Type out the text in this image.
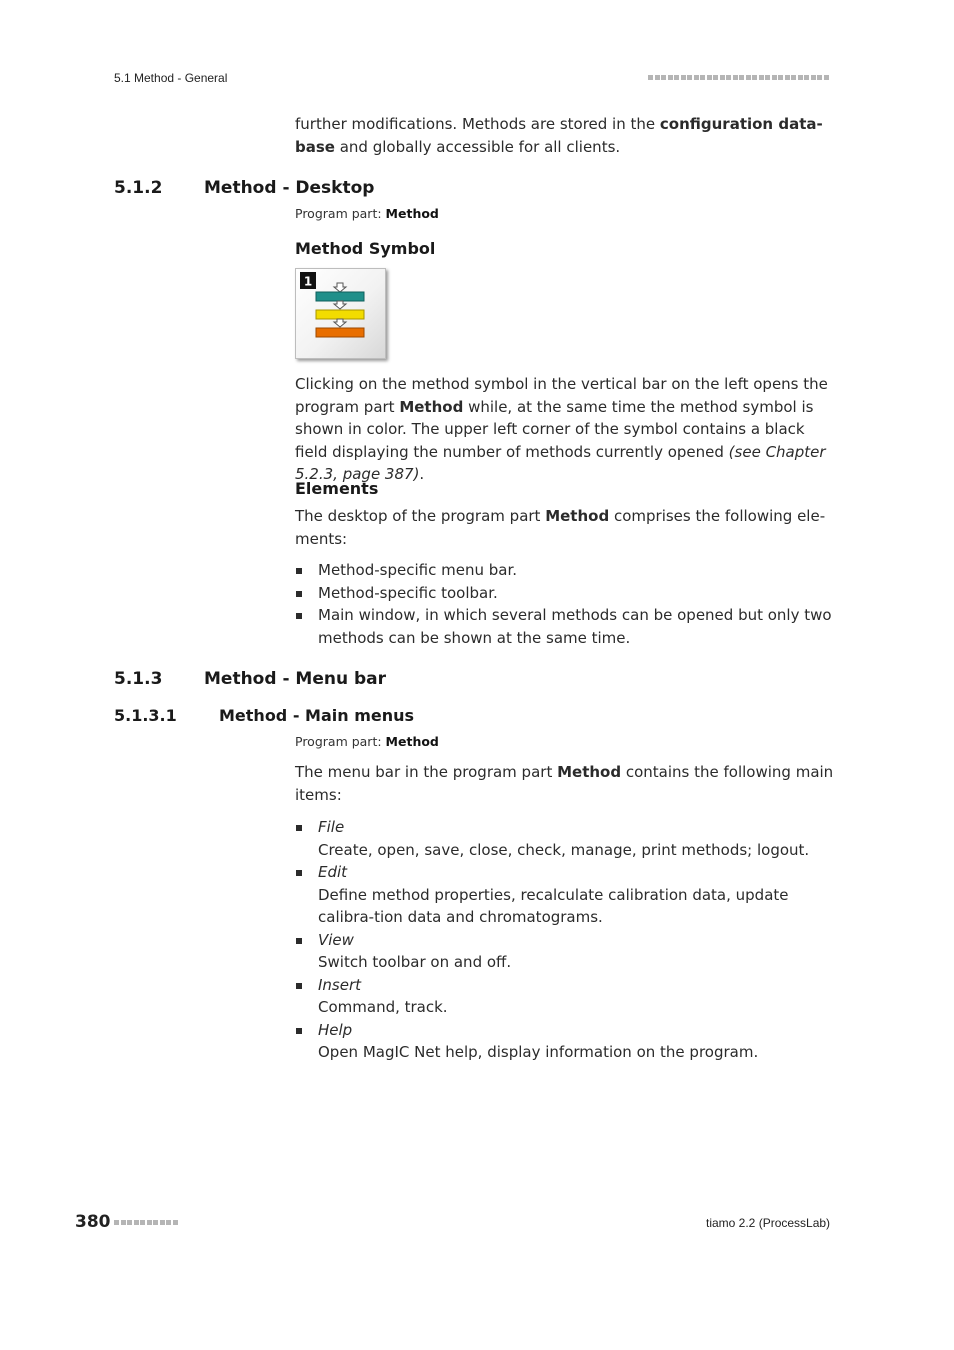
5.1 Method - General

further modifications. Methods are stored in the configuration data-base and globally accessible for all clients.

5.1.2 Method - Desktop
Program part: Method
Method Symbol
1

Clicking on the method symbol in the vertical bar on the left opens the program part Method while, at the same time the method symbol is shown in color. The upper left corner of the symbol contains a black field displaying the number of methods currently opened (see Chapter 5.2.3, page 387).

Elements

The desktop of the program part Method comprises the following ele-ments:

Method-specific menu bar.
Method-specific toolbar.
Main window, in which several methods can be opened but only two methods can be shown at the same time.
5.1.3 Method - Menu bar
5.1.3.1	Method - Main menus
Program part: Method

The menu bar in the program part Method contains the following main items:

File
Create, open, save, close, check, manage, print methods; logout.
Edit
Define method properties, recalculate calibration data, update calibra-tion data and chromatograms.
View
Switch toolbar on and off.
Insert
Command, track.
Help
Open MagIC Net help, display information on the program.
380	tiamo 2.2 (ProcessLab)
